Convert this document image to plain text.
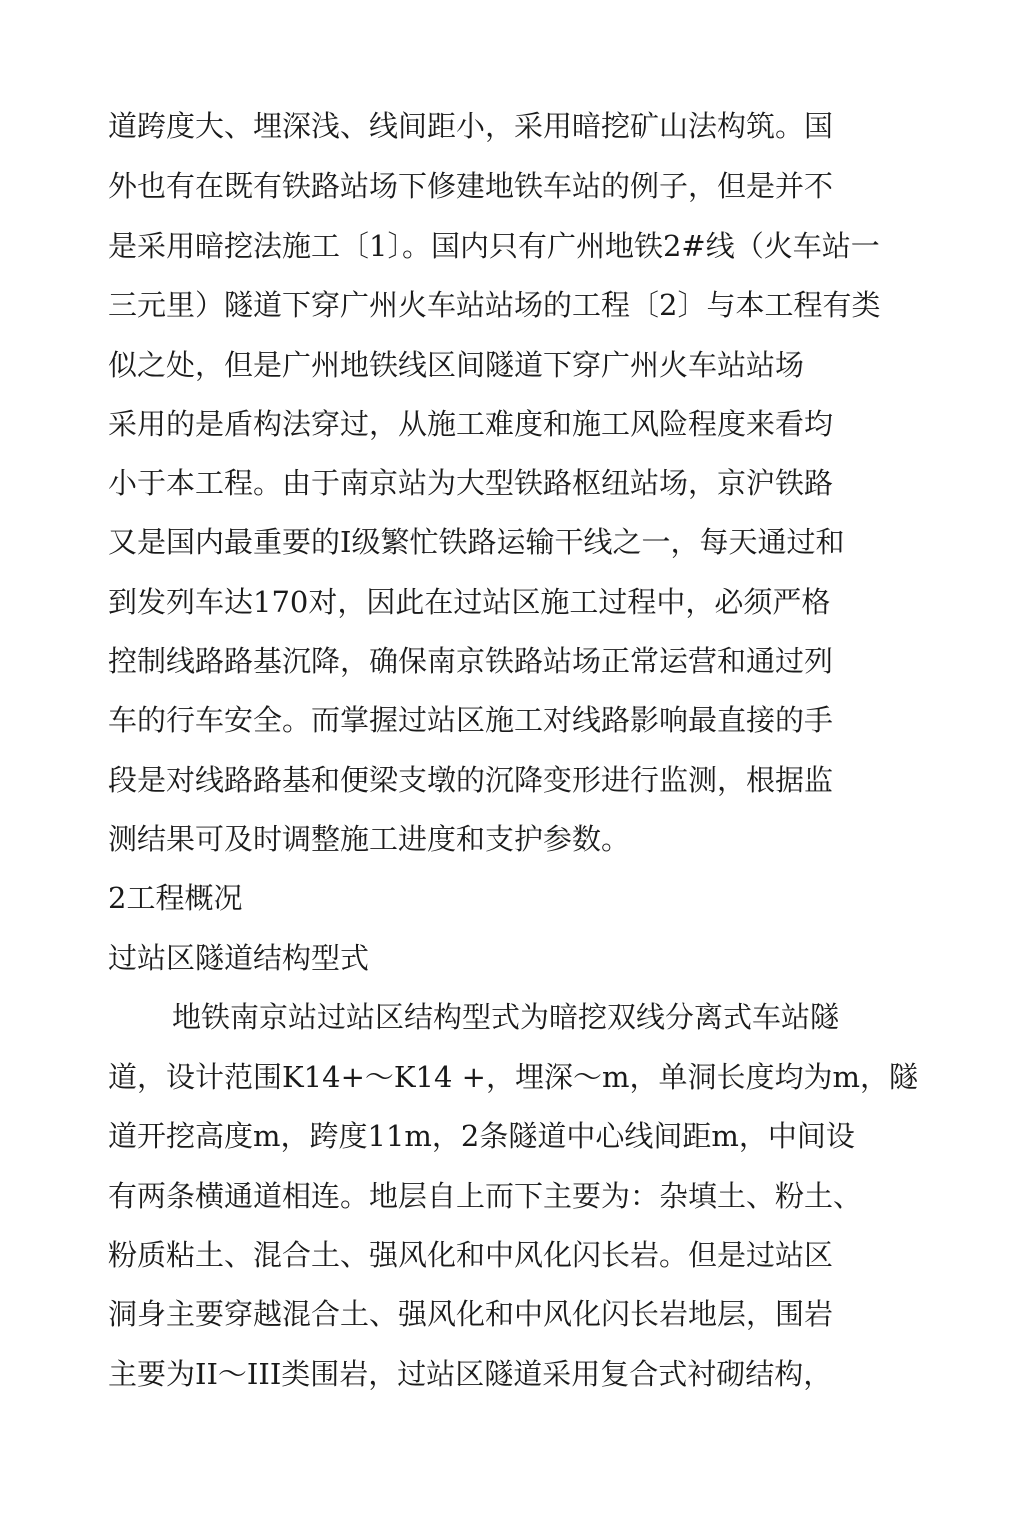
道跨度大、埋深浅、线间距小，采用暗挖矿山法构筑。国
外也有在既有铁路站场下修建地铁车站的例子，但是并不
是采用暗挖法施工〔1〕。国内只有广州地铁2#线（火车站一
三元里）隧道下穿广州火车站站场的工程〔2〕与本工程有类
似之处，但是广州地铁线区间隧道下穿广州火车站站场
采用的是盾构法穿过，从施工难度和施工风险程度来看均
小于本工程。由于南京站为大型铁路枢纽站场，京沪铁路
又是国内最重要的I级繁忙铁路运输干线之一，每天通过和
到发列车达170对，因此在过站区施工过程中，必须严格
控制线路路基沉降，确保南京铁路站场正常运营和通过列
车的行车安全。而掌握过站区施工对线路影响最直接的手
段是对线路路基和便梁支墩的沉降变形进行监测，根据监
测结果可及时调整施工进度和支护参数。
2工程概况
过站区隧道结构型式
地铁南京站过站区结构型式为暗挖双线分离式车站隧
道，设计范围K14+～K14 +，埋深～m，单洞长度均为m，隧
道开挖高度m，跨度11m，2条隧道中心线间距m，中间设
有两条横通道相连。地层自上而下主要为：杂填土、粉土、
粉质粘土、混合土、强风化和中风化闪长岩。但是过站区
洞身主要穿越混合土、强风化和中风化闪长岩地层，围岩
主要为II～III类围岩，过站区隧道采用复合式衬砌结构，
